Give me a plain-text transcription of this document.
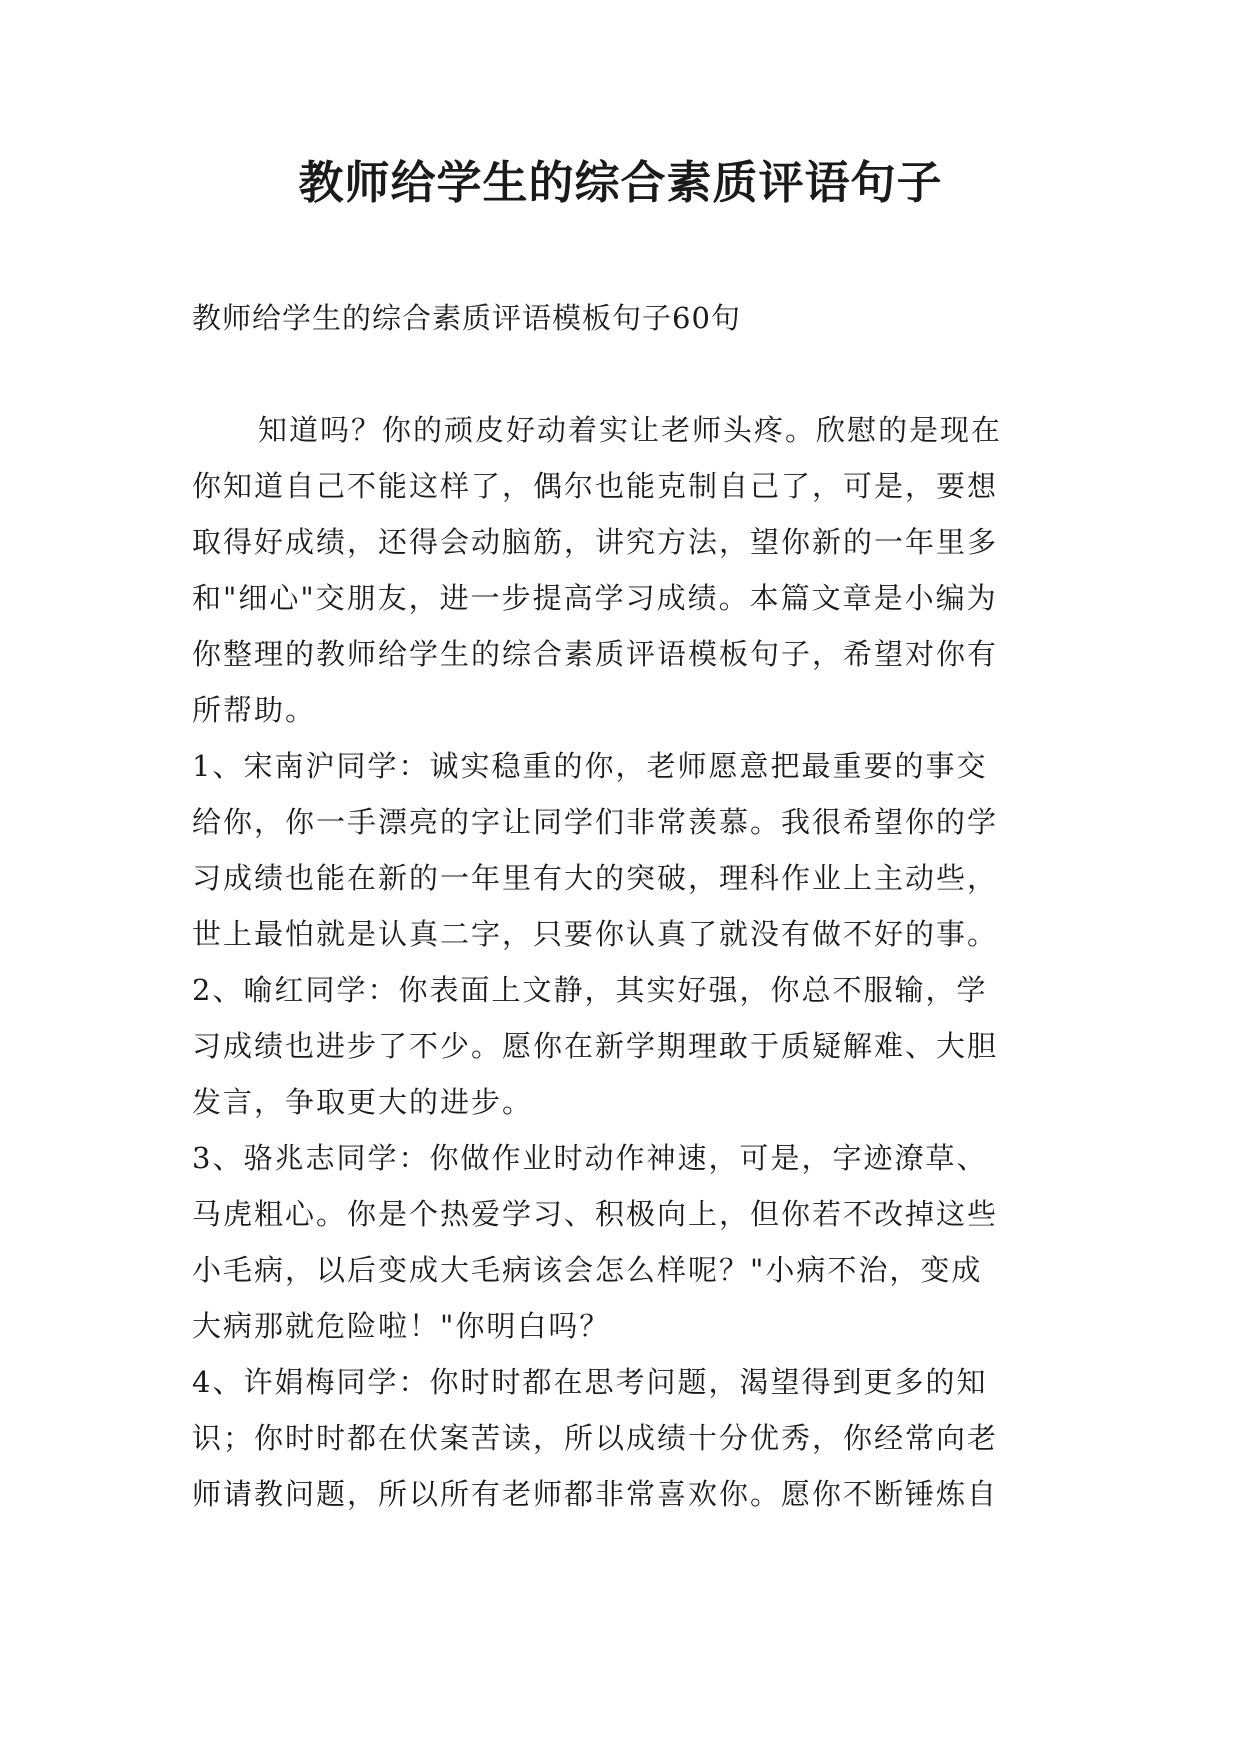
教师给学生的综合素质评语句子

教师给学生的综合素质评语模板句子60句

知道吗？你的顽皮好动着实让老师头疼。欣慰的是现在
你知道自己不能这样了，偶尔也能克制自己了，可是，要想
取得好成绩，还得会动脑筋，讲究方法，望你新的一年里多
和"细心"交朋友，进一步提高学习成绩。本篇文章是小编为
你整理的教师给学生的综合素质评语模板句子，希望对你有
所帮助。
1、宋南沪同学：诚实稳重的你，老师愿意把最重要的事交
给你，你一手漂亮的字让同学们非常羡慕。我很希望你的学
习成绩也能在新的一年里有大的突破，理科作业上主动些，
世上最怕就是认真二字，只要你认真了就没有做不好的事。
2、喻红同学：你表面上文静，其实好强，你总不服输，学
习成绩也进步了不少。愿你在新学期理敢于质疑解难、大胆
发言，争取更大的进步。
3、骆兆志同学：你做作业时动作神速，可是，字迹潦草、
马虎粗心。你是个热爱学习、积极向上，但你若不改掉这些
小毛病，以后变成大毛病该会怎么样呢？"小病不治，变成
大病那就危险啦！"你明白吗？
4、许娟梅同学：你时时都在思考问题，渴望得到更多的知
识；你时时都在伏案苦读，所以成绩十分优秀，你经常向老
师请教问题，所以所有老师都非常喜欢你。愿你不断锤炼自
